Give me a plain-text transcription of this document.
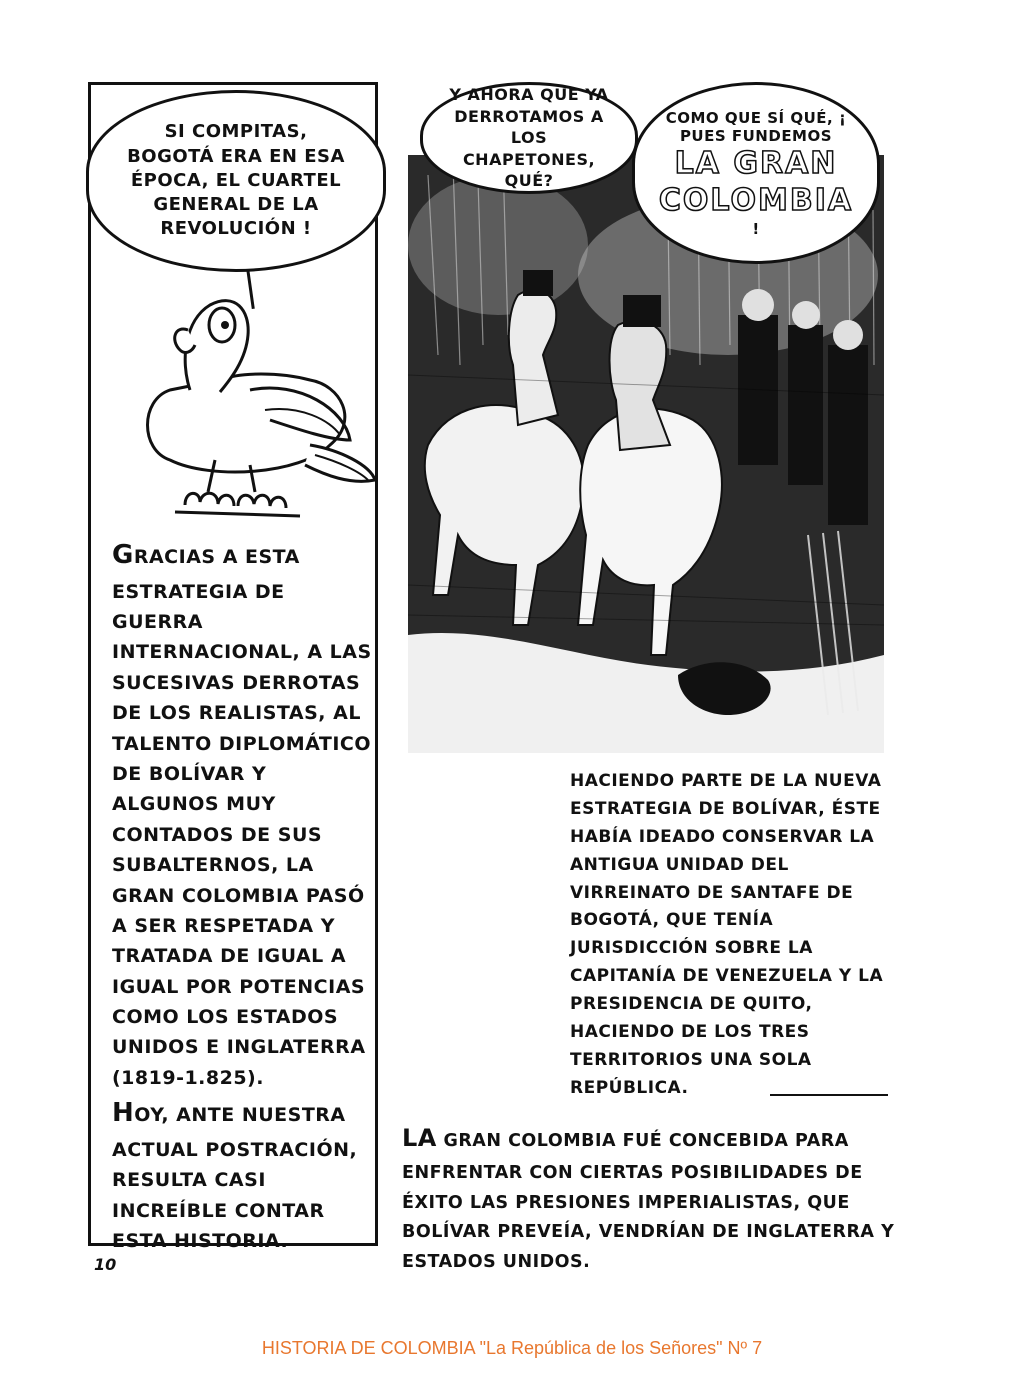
SI COMPITAS, BOGOTÁ ERA EN ESA ÉPOCA, EL CUARTEL GENERAL DE LA REVOLUCIÓN !
GRACIAS A ESTA ESTRATEGIA DE GUERRA INTERNACIONAL, A LAS SUCESIVAS DERROTAS DE LOS REALISTAS, AL TALENTO DIPLOMÁTICO DE BOLÍVAR Y ALGUNOS MUY CONTADOS DE SUS SUBALTERNOS, LA GRAN COLOMBIA PASÓ A SER RESPETADA Y TRATADA DE IGUAL A IGUAL POR POTENCIAS COMO LOS ESTADOS UNIDOS E INGLATERRA (1819-1.825).
HOY, ANTE NUESTRA ACTUAL POSTRACIÓN, RESULTA CASI INCREÍBLE CONTAR ESTA HISTORIA.
10
Y AHORA QUE YA DERROTAMOS A LOS CHAPETONES, QUÉ?
COMO QUE SÍ QUÉ, ¡ PUES FUNDEMOS
LA GRAN
COLOMBIA
!
HACIENDO PARTE DE LA NUEVA ESTRATEGIA DE BOLÍVAR, ÉSTE HABÍA IDEADO CONSERVAR LA ANTIGUA UNIDAD DEL VIRREINATO DE SANTAFE DE BOGOTÁ, QUE TENÍA JURISDICCIÓN SOBRE LA CAPITANÍA DE VENEZUELA Y LA PRESIDENCIA DE QUITO, HACIENDO DE LOS TRES TERRITORIOS UNA SOLA REPÚBLICA.
LA GRAN COLOMBIA FUÉ CONCEBIDA PARA ENFRENTAR CON CIERTAS POSIBILIDADES DE ÉXITO LAS PRESIONES IMPERIALISTAS, QUE BOLÍVAR PREVEÍA, VENDRÍAN DE INGLATERRA Y ESTADOS UNIDOS.
HISTORIA DE COLOMBIA "La República de los Señores" Nº 7
